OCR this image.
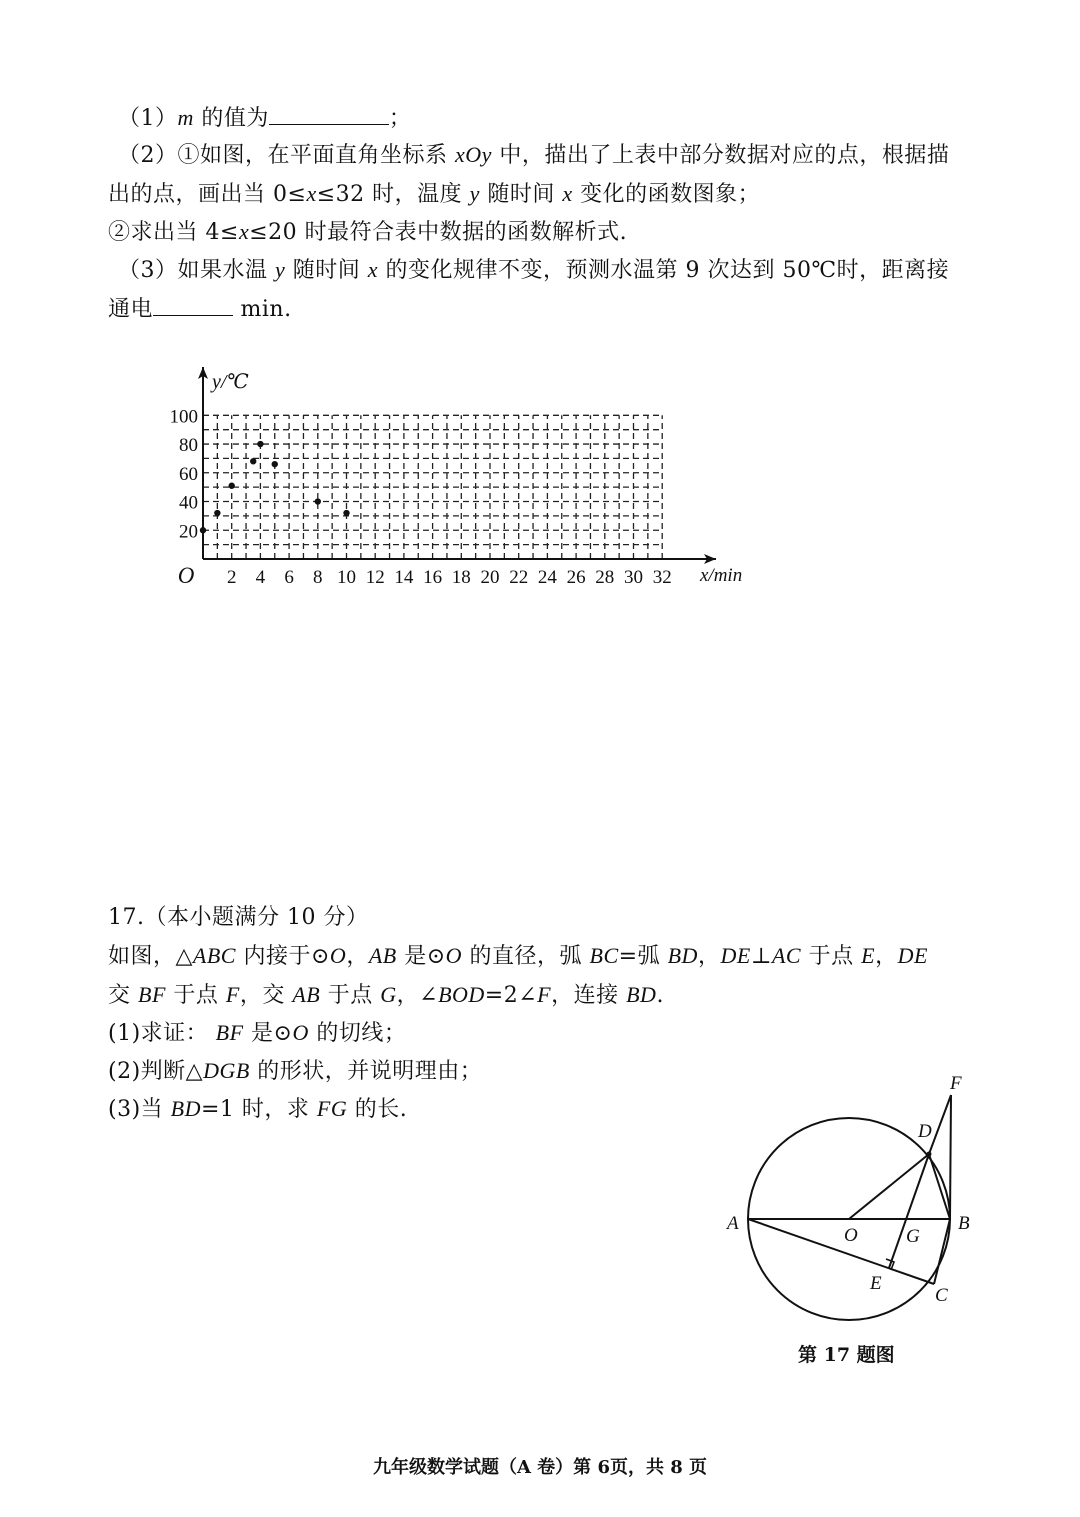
（1）m 的值为	；
（2）①如图，在平面直角坐标系 xOy 中，描出了上表中部分数据对应的点，根据描
出的点，画出当 0≤x≤32 时，温度 y 随时间 x 变化的函数图象；
②求出当 4≤x≤20 时最符合表中数据的函数解析式.
（3）如果水温 y 随时间 x 的变化规律不变，预测水温第 9 次达到 50℃时，距离接
通电	min.
2 4 6 8 10 12 14 16 18 20 22 24 26 28 30 32
20
40
60
80
100
O
y/℃
x/min
17.（本小题满分 10 分）
如图，△ABC 内接于⊙O，AB 是⊙O 的直径，弧 BC=弧 BD，DE⊥AC 于点 E，DE
交 BF 于点 F，交 AB 于点 G，∠BOD=2∠F，连接 BD.
(1)求证： BF 是⊙O 的切线；
(2)判断△DGB 的形状，并说明理由；
(3)当 BD=1 时，求 FG 的长.
A	B
C
D
E
F
G
O
第 17 题图
九年级数学试题（A 卷）第 6页，共 8 页
